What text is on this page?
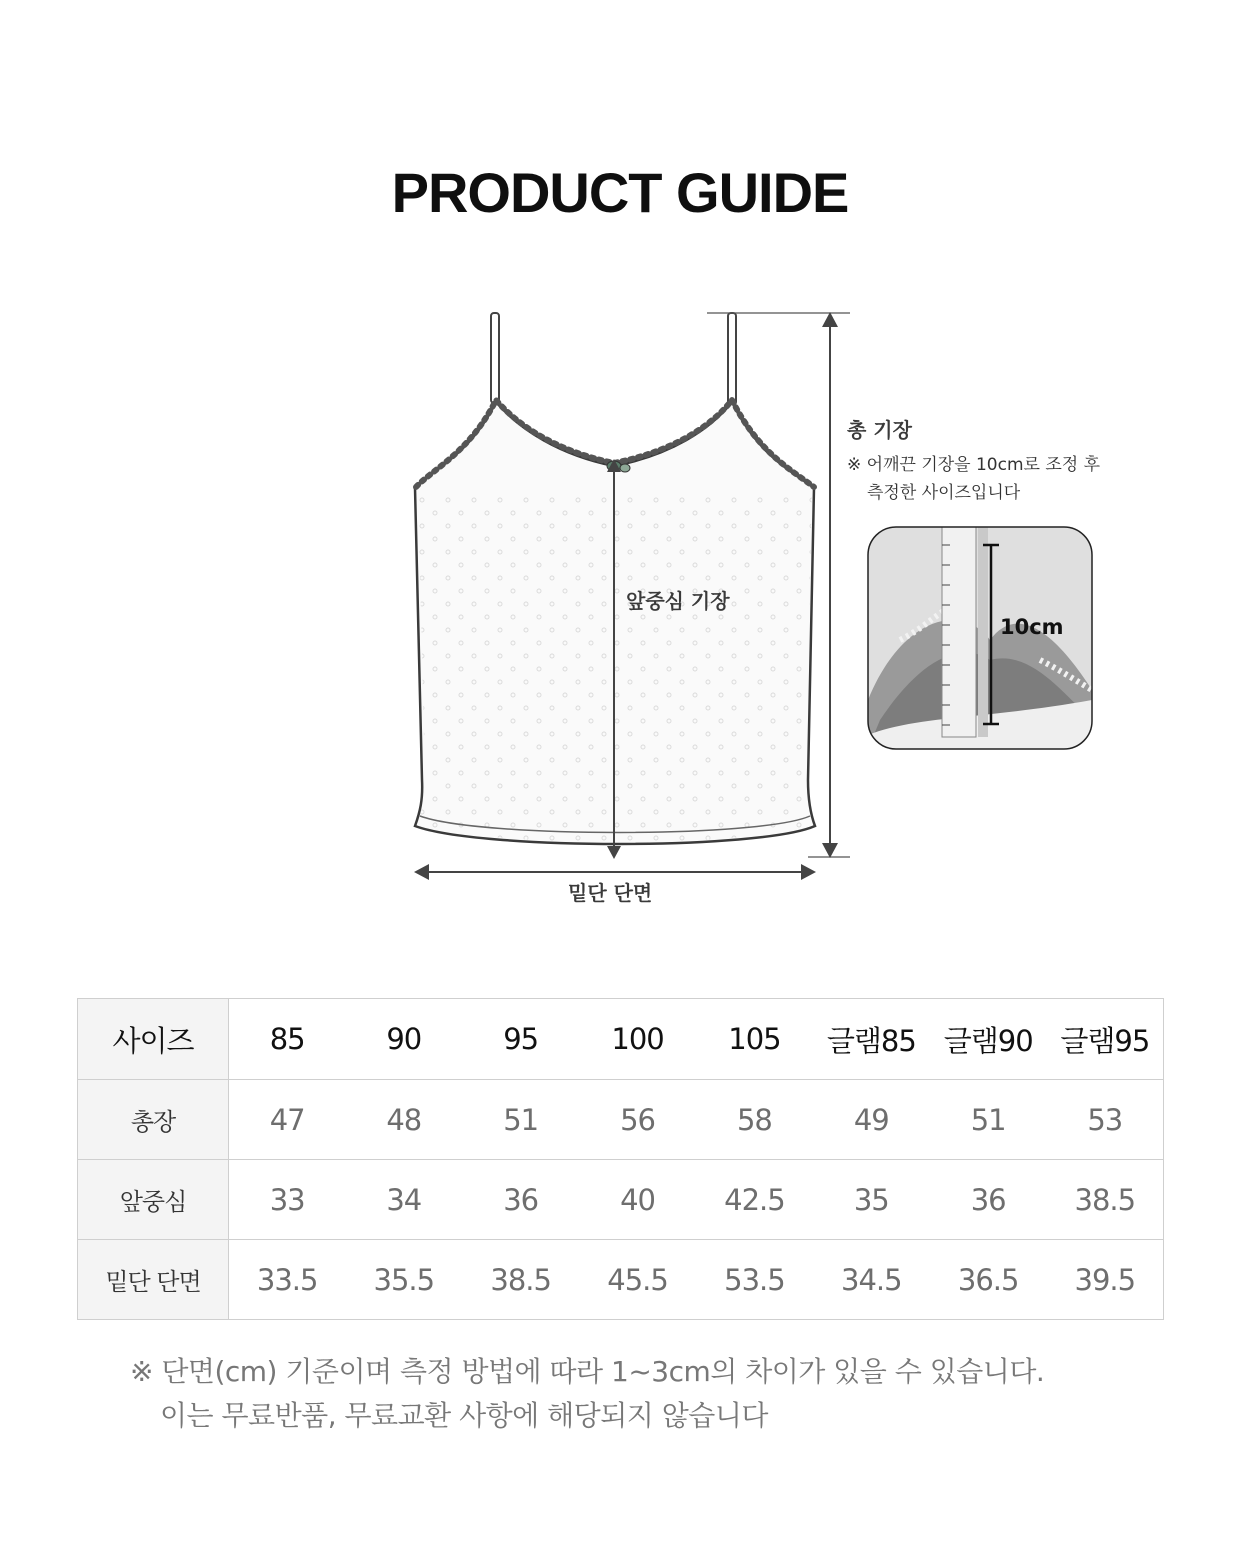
PRODUCT GUIDE
앞중심 기장
총 기장
※ 어깨끈 기장을 10cm로 조정 후
측정한 사이즈입니다
밑단 단면
10cm
사이즈	85	90	95	100	105	글램85	글램90	글램95
총장	47	48	51	56	58	49	51	53
앞중심	33	34	36	40	42.5	35	36	38.5
밑단 단면	33.5	35.5	38.5	45.5	53.5	34.5	36.5	39.5
※ 단면(cm) 기준이며 측정 방법에 따라 1~3cm의 차이가 있을 수 있습니다.
이는 무료반품, 무료교환 사항에 해당되지 않습니다
